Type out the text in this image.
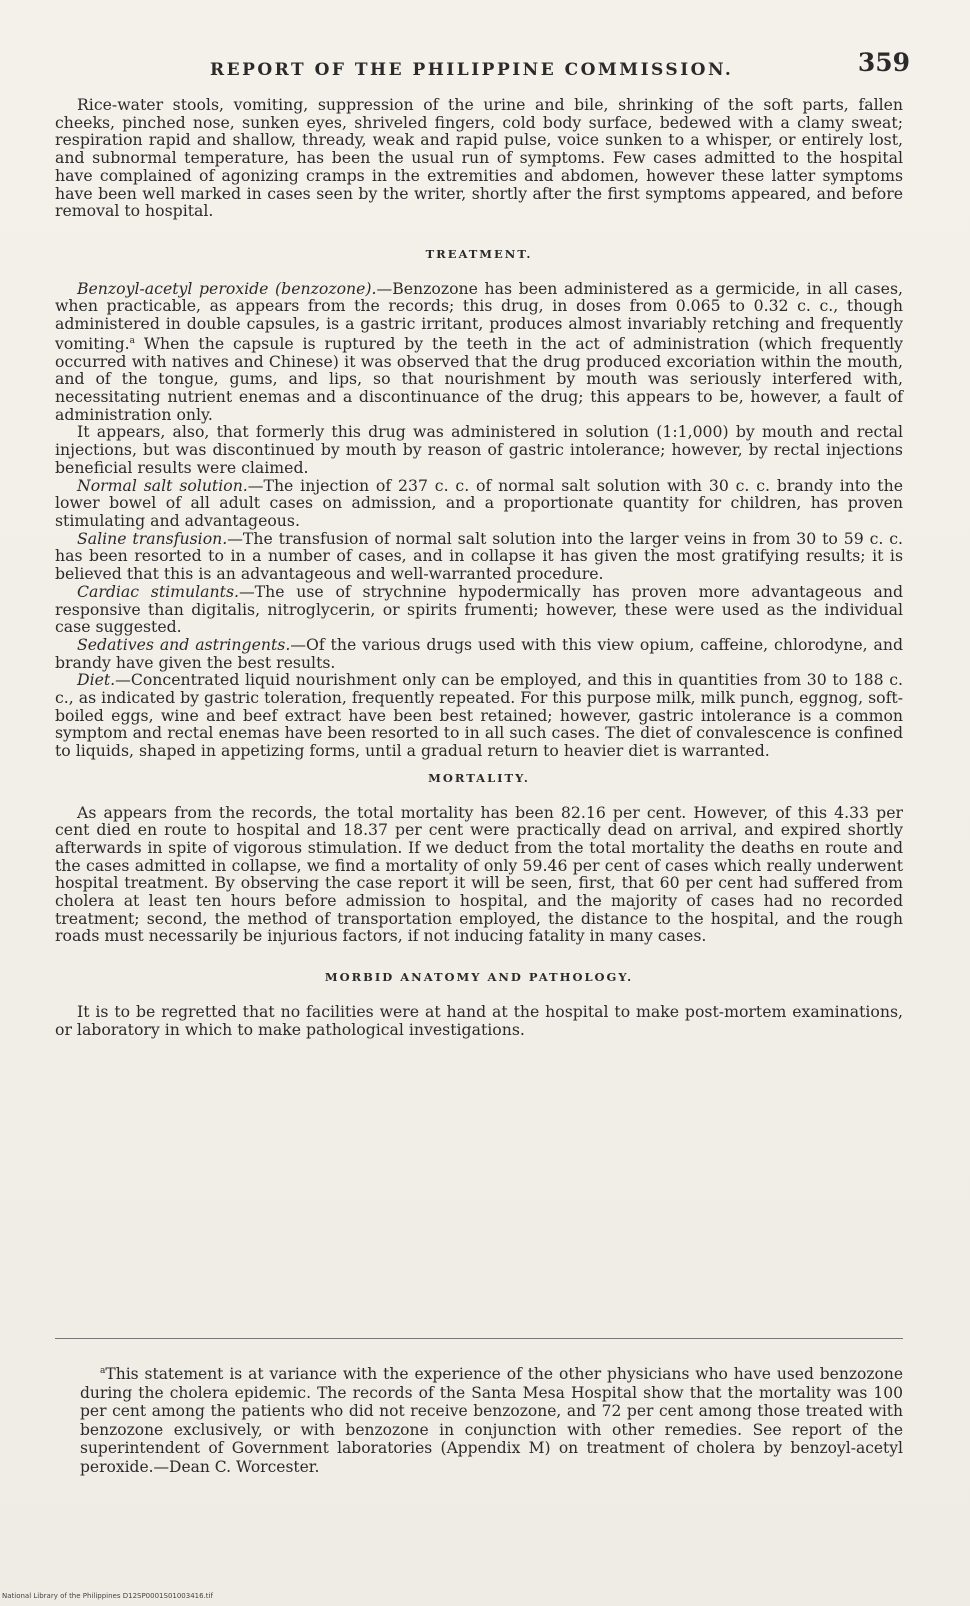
REPORT OF THE PHILIPPINE COMMISSION.	359

Rice-water stools, vomiting, suppression of the urine and bile, shrinking of the soft parts, fallen cheeks, pinched nose, sunken eyes, shriveled fingers, cold body surface, bedewed with a clamy sweat; respiration rapid and shallow, thready, weak and rapid pulse, voice sunken to a whisper, or entirely lost, and subnormal temperature, has been the usual run of symptoms. Few cases admitted to the hospital have complained of agonizing cramps in the extremities and abdomen, however these latter symptoms have been well marked in cases seen by the writer, shortly after the first symptoms appeared, and before removal to hospital.

TREATMENT.

Benzoyl-acetyl peroxide (benzozone).—Benzozone has been administered as a germicide, in all cases, when practicable, as appears from the records; this drug, in doses from 0.065 to 0.32 c. c., though administered in double capsules, is a gastric irritant, produces almost invariably retching and frequently vomiting.$^a$ When the capsule is ruptured by the teeth in the act of administration (which frequently occurred with natives and Chinese) it was observed that the drug produced excoriation within the mouth, and of the tongue, gums, and lips, so that nourishment by mouth was seriously interfered with, necessitating nutrient enemas and a discontinuance of the drug; this appears to be, however, a fault of administration only.

It appears, also, that formerly this drug was administered in solution (1:1,000) by mouth and rectal injections, but was discontinued by mouth by reason of gastric intolerance; however, by rectal injections beneficial results were claimed.

Normal salt solution.—The injection of 237 c. c. of normal salt solution with 30 c. c. brandy into the lower bowel of all adult cases on admission, and a proportionate quantity for children, has proven stimulating and advantageous.

Saline transfusion.—The transfusion of normal salt solution into the larger veins in from 30 to 59 c. c. has been resorted to in a number of cases, and in collapse it has given the most gratifying results; it is believed that this is an advantageous and well-warranted procedure.

Cardiac stimulants.—The use of strychnine hypodermically has proven more advantageous and responsive than digitalis, nitroglycerin, or spirits frumenti; however, these were used as the individual case suggested.

Sedatives and astringents.—Of the various drugs used with this view opium, caffeine, chlorodyne, and brandy have given the best results.

Diet.—Concentrated liquid nourishment only can be employed, and this in quantities from 30 to 188 c. c., as indicated by gastric toleration, frequently repeated. For this purpose milk, milk punch, eggnog, soft-boiled eggs, wine and beef extract have been best retained; however, gastric intolerance is a common symptom and rectal enemas have been resorted to in all such cases. The diet of convalescence is confined to liquids, shaped in appetizing forms, until a gradual return to heavier diet is warranted.

MORTALITY.

As appears from the records, the total mortality has been 82.16 per cent. However, of this 4.33 per cent died en route to hospital and 18.37 per cent were practically dead on arrival, and expired shortly afterwards in spite of vigorous stimulation. If we deduct from the total mortality the deaths en route and the cases admitted in collapse, we find a mortality of only 59.46 per cent of cases which really underwent hospital treatment. By observing the case report it will be seen, first, that 60 per cent had suffered from cholera at least ten hours before admission to hospital, and the majority of cases had no recorded treatment; second, the method of transportation employed, the distance to the hospital, and the rough roads must necessarily be injurious factors, if not inducing fatality in many cases.

MORBID ANATOMY AND PATHOLOGY.

It is to be regretted that no facilities were at hand at the hospital to make post-mortem examinations, or laboratory in which to make pathological investigations.

$^a$This statement is at variance with the experience of the other physicians who have used benzozone during the cholera epidemic. The records of the Santa Mesa Hospital show that the mortality was 100 per cent among the patients who did not receive benzozone, and 72 per cent among those treated with benzozone exclusively, or with benzozone in conjunction with other remedies. See report of the superintendent of Government laboratories (Appendix M) on treatment of cholera by benzoyl-acetyl peroxide.—Dean C. Worcester.

National Library of the Philippines D12SP0001S01003416.tif
